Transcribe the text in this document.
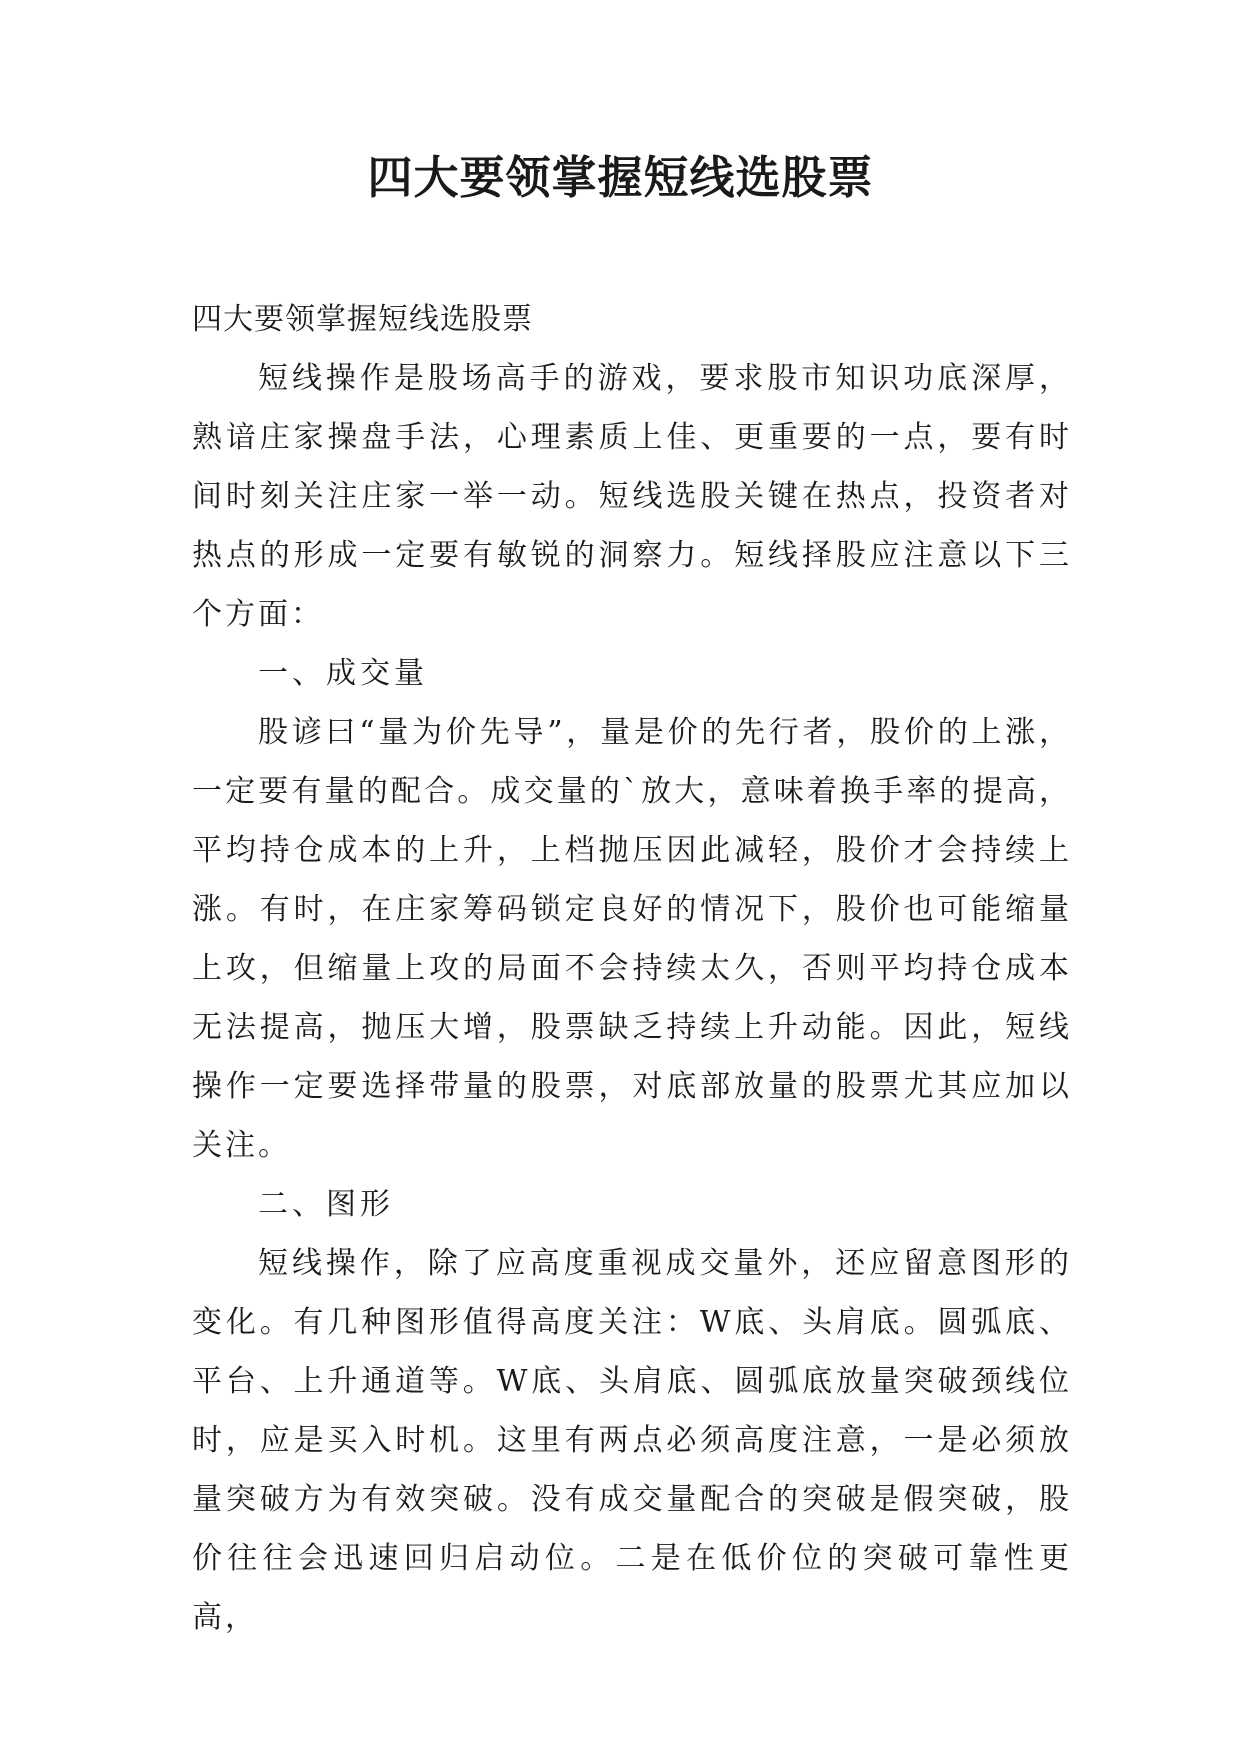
四大要领掌握短线选股票

四大要领掌握短线选股票

短线操作是股场高手的游戏，要求股市知识功底深厚，熟谙庄家操盘手法，心理素质上佳、更重要的一点，要有时间时刻关注庄家一举一动。短线选股关键在热点，投资者对热点的形成一定要有敏锐的洞察力。短线择股应注意以下三个方面：

一、成交量

股谚曰“量为价先导”，量是价的先行者，股价的上涨，一定要有量的配合。成交量的`放大，意味着换手率的提高，平均持仓成本的上升，上档抛压因此减轻，股价才会持续上涨。有时，在庄家筹码锁定良好的情况下，股价也可能缩量上攻，但缩量上攻的局面不会持续太久，否则平均持仓成本无法提高，抛压大增，股票缺乏持续上升动能。因此，短线操作一定要选择带量的股票，对底部放量的股票尤其应加以关注。

二、图形

短线操作，除了应高度重视成交量外，还应留意图形的变化。有几种图形值得高度关注：W底、头肩底。圆弧底、平台、上升通道等。W底、头肩底、圆弧底放量突破颈线位时，应是买入时机。这里有两点必须高度注意，一是必须放量突破方为有效突破。没有成交量配合的突破是假突破，股价往往会迅速回归启动位。二是在低价位的突破可靠性更高，
